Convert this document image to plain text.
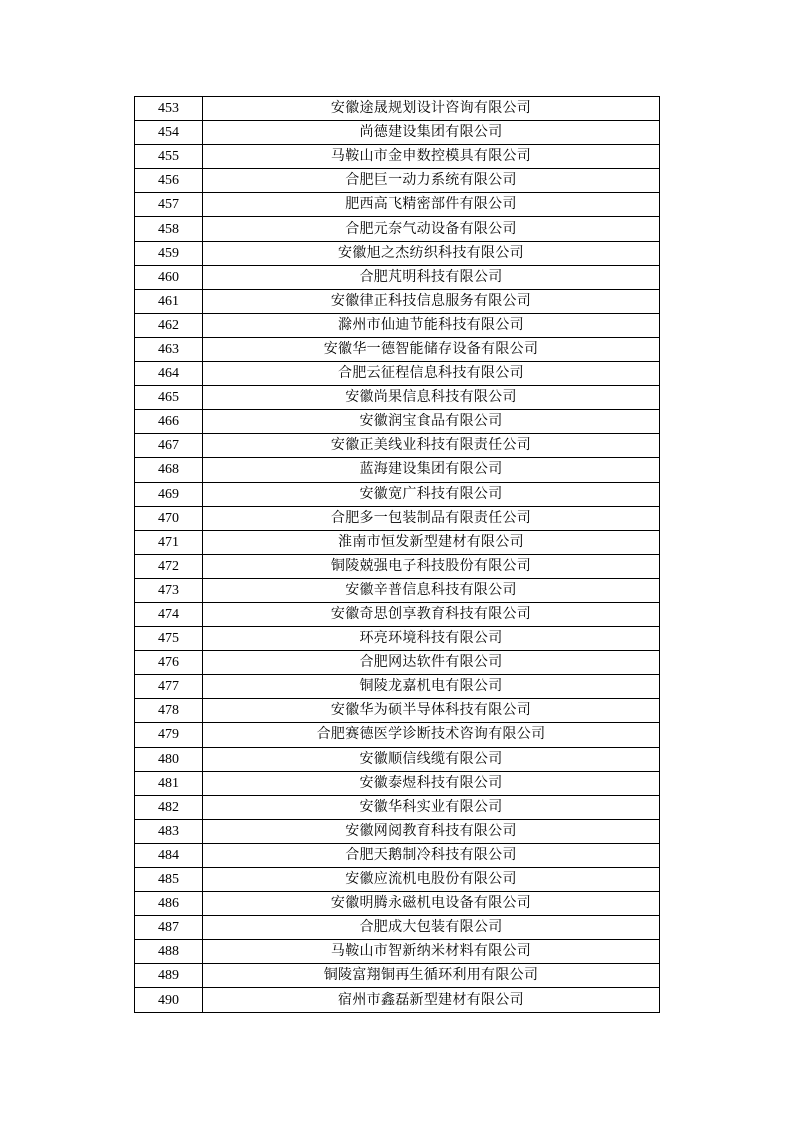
453	安徽途晟规划设计咨询有限公司
454	尚德建设集团有限公司
455	马鞍山市金申数控模具有限公司
456	合肥巨一动力系统有限公司
457	肥西高飞精密部件有限公司
458	合肥元奈气动设备有限公司
459	安徽旭之杰纺织科技有限公司
460	合肥芃明科技有限公司
461	安徽律正科技信息服务有限公司
462	滁州市仙迪节能科技有限公司
463	安徽华一德智能储存设备有限公司
464	合肥云征程信息科技有限公司
465	安徽尚果信息科技有限公司
466	安徽润宝食品有限公司
467	安徽正美线业科技有限责任公司
468	蓝海建设集团有限公司
469	安徽宽广科技有限公司
470	合肥多一包装制品有限责任公司
471	淮南市恒发新型建材有限公司
472	铜陵兢强电子科技股份有限公司
473	安徽辛普信息科技有限公司
474	安徽奇思创享教育科技有限公司
475	环亮环境科技有限公司
476	合肥网达软件有限公司
477	铜陵龙嘉机电有限公司
478	安徽华为硕半导体科技有限公司
479	合肥赛德医学诊断技术咨询有限公司
480	安徽顺信线缆有限公司
481	安徽泰煜科技有限公司
482	安徽华科实业有限公司
483	安徽网阅教育科技有限公司
484	合肥天鹅制冷科技有限公司
485	安徽应流机电股份有限公司
486	安徽明腾永磁机电设备有限公司
487	合肥成大包装有限公司
488	马鞍山市智新纳米材料有限公司
489	铜陵富翔铜再生循环利用有限公司
490	宿州市鑫磊新型建材有限公司
